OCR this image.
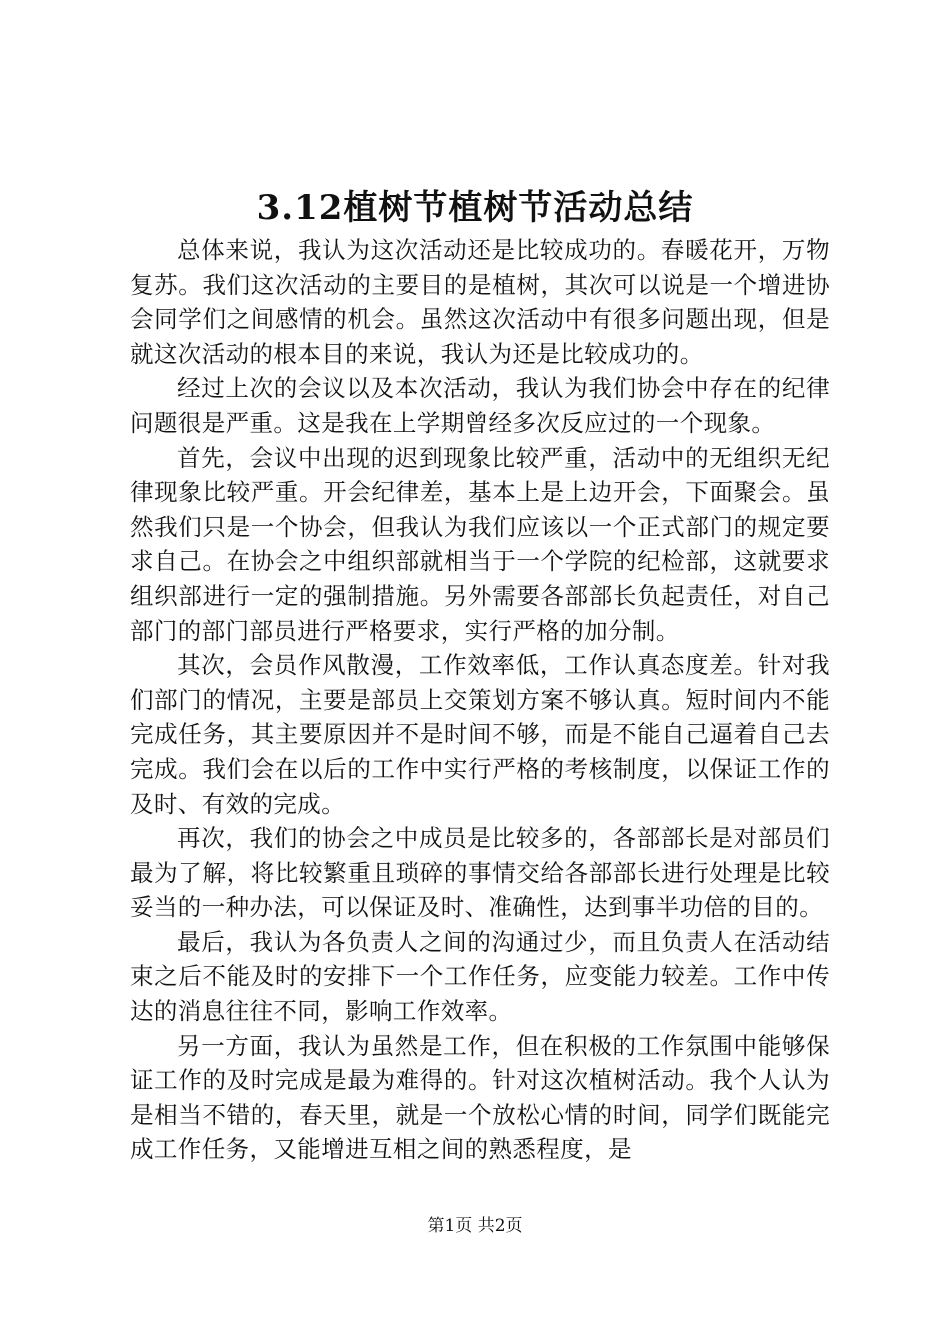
3.12植树节植树节活动总结

总体来说，我认为这次活动还是比较成功的。春暖花开，万物复苏。我们这次活动的主要目的是植树，其次可以说是一个增进协会同学们之间感情的机会。虽然这次活动中有很多问题出现，但是就这次活动的根本目的来说，我认为还是比较成功的。

经过上次的会议以及本次活动，我认为我们协会中存在的纪律问题很是严重。这是我在上学期曾经多次反应过的一个现象。

首先，会议中出现的迟到现象比较严重，活动中的无组织无纪律现象比较严重。开会纪律差，基本上是上边开会，下面聚会。虽然我们只是一个协会，但我认为我们应该以一个正式部门的规定要求自己。在协会之中组织部就相当于一个学院的纪检部，这就要求组织部进行一定的强制措施。另外需要各部部长负起责任，对自己部门的部门部员进行严格要求，实行严格的加分制。

其次，会员作风散漫，工作效率低，工作认真态度差。针对我们部门的情况，主要是部员上交策划方案不够认真。短时间内不能完成任务，其主要原因并不是时间不够，而是不能自己逼着自己去完成。我们会在以后的工作中实行严格的考核制度，以保证工作的及时、有效的完成。

再次，我们的协会之中成员是比较多的，各部部长是对部员们最为了解，将比较繁重且琐碎的事情交给各部部长进行处理是比较妥当的一种办法，可以保证及时、准确性，达到事半功倍的目的。

最后，我认为各负责人之间的沟通过少，而且负责人在活动结束之后不能及时的安排下一个工作任务，应变能力较差。工作中传达的消息往往不同，影响工作效率。

另一方面，我认为虽然是工作，但在积极的工作氛围中能够保证工作的及时完成是最为难得的。针对这次植树活动。我个人认为是相当不错的，春天里，就是一个放松心情的时间，同学们既能完成工作任务，又能增进互相之间的熟悉程度，是

第1页 共2页
